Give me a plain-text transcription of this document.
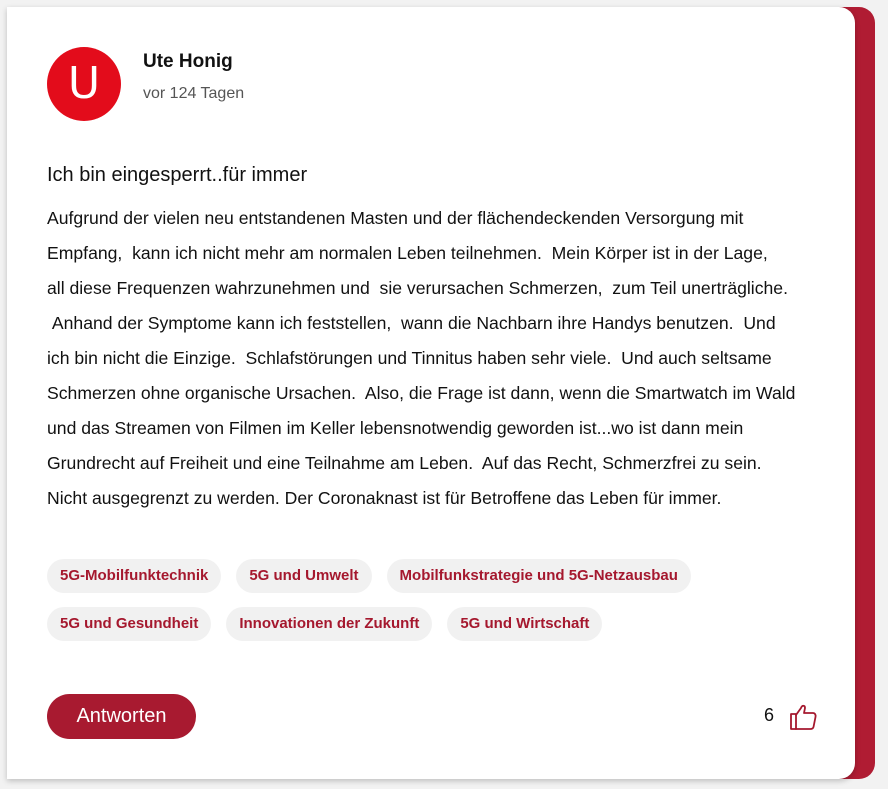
U	Ute Honig
vor 124 Tagen
Ich bin eingesperrt..für immer
Aufgrund der vielen neu entstandenen Masten und der flächendeckenden Versorgung mit
Empfang,  kann ich nicht mehr am normalen Leben teilnehmen.  Mein Körper ist in der Lage,
all diese Frequenzen wahrzunehmen und  sie verursachen Schmerzen,  zum Teil unerträgliche.
Anhand der Symptome kann ich feststellen,  wann die Nachbarn ihre Handys benutzen.  Und
ich bin nicht die Einzige.  Schlafstörungen und Tinnitus haben sehr viele.  Und auch seltsame
Schmerzen ohne organische Ursachen.  Also, die Frage ist dann, wenn die Smartwatch im Wald
und das Streamen von Filmen im Keller lebensnotwendig geworden ist...wo ist dann mein
Grundrecht auf Freiheit und eine Teilnahme am Leben.  Auf das Recht, Schmerzfrei zu sein.
Nicht ausgegrenzt zu werden. Der Coronaknast ist für Betroffene das Leben für immer.
5G-Mobilfunktechnik	5G und Umwelt	Mobilfunkstrategie und 5G-Netzausbau
5G und Gesundheit	Innovationen der Zukunft	5G und Wirtschaft
Antworten	6
